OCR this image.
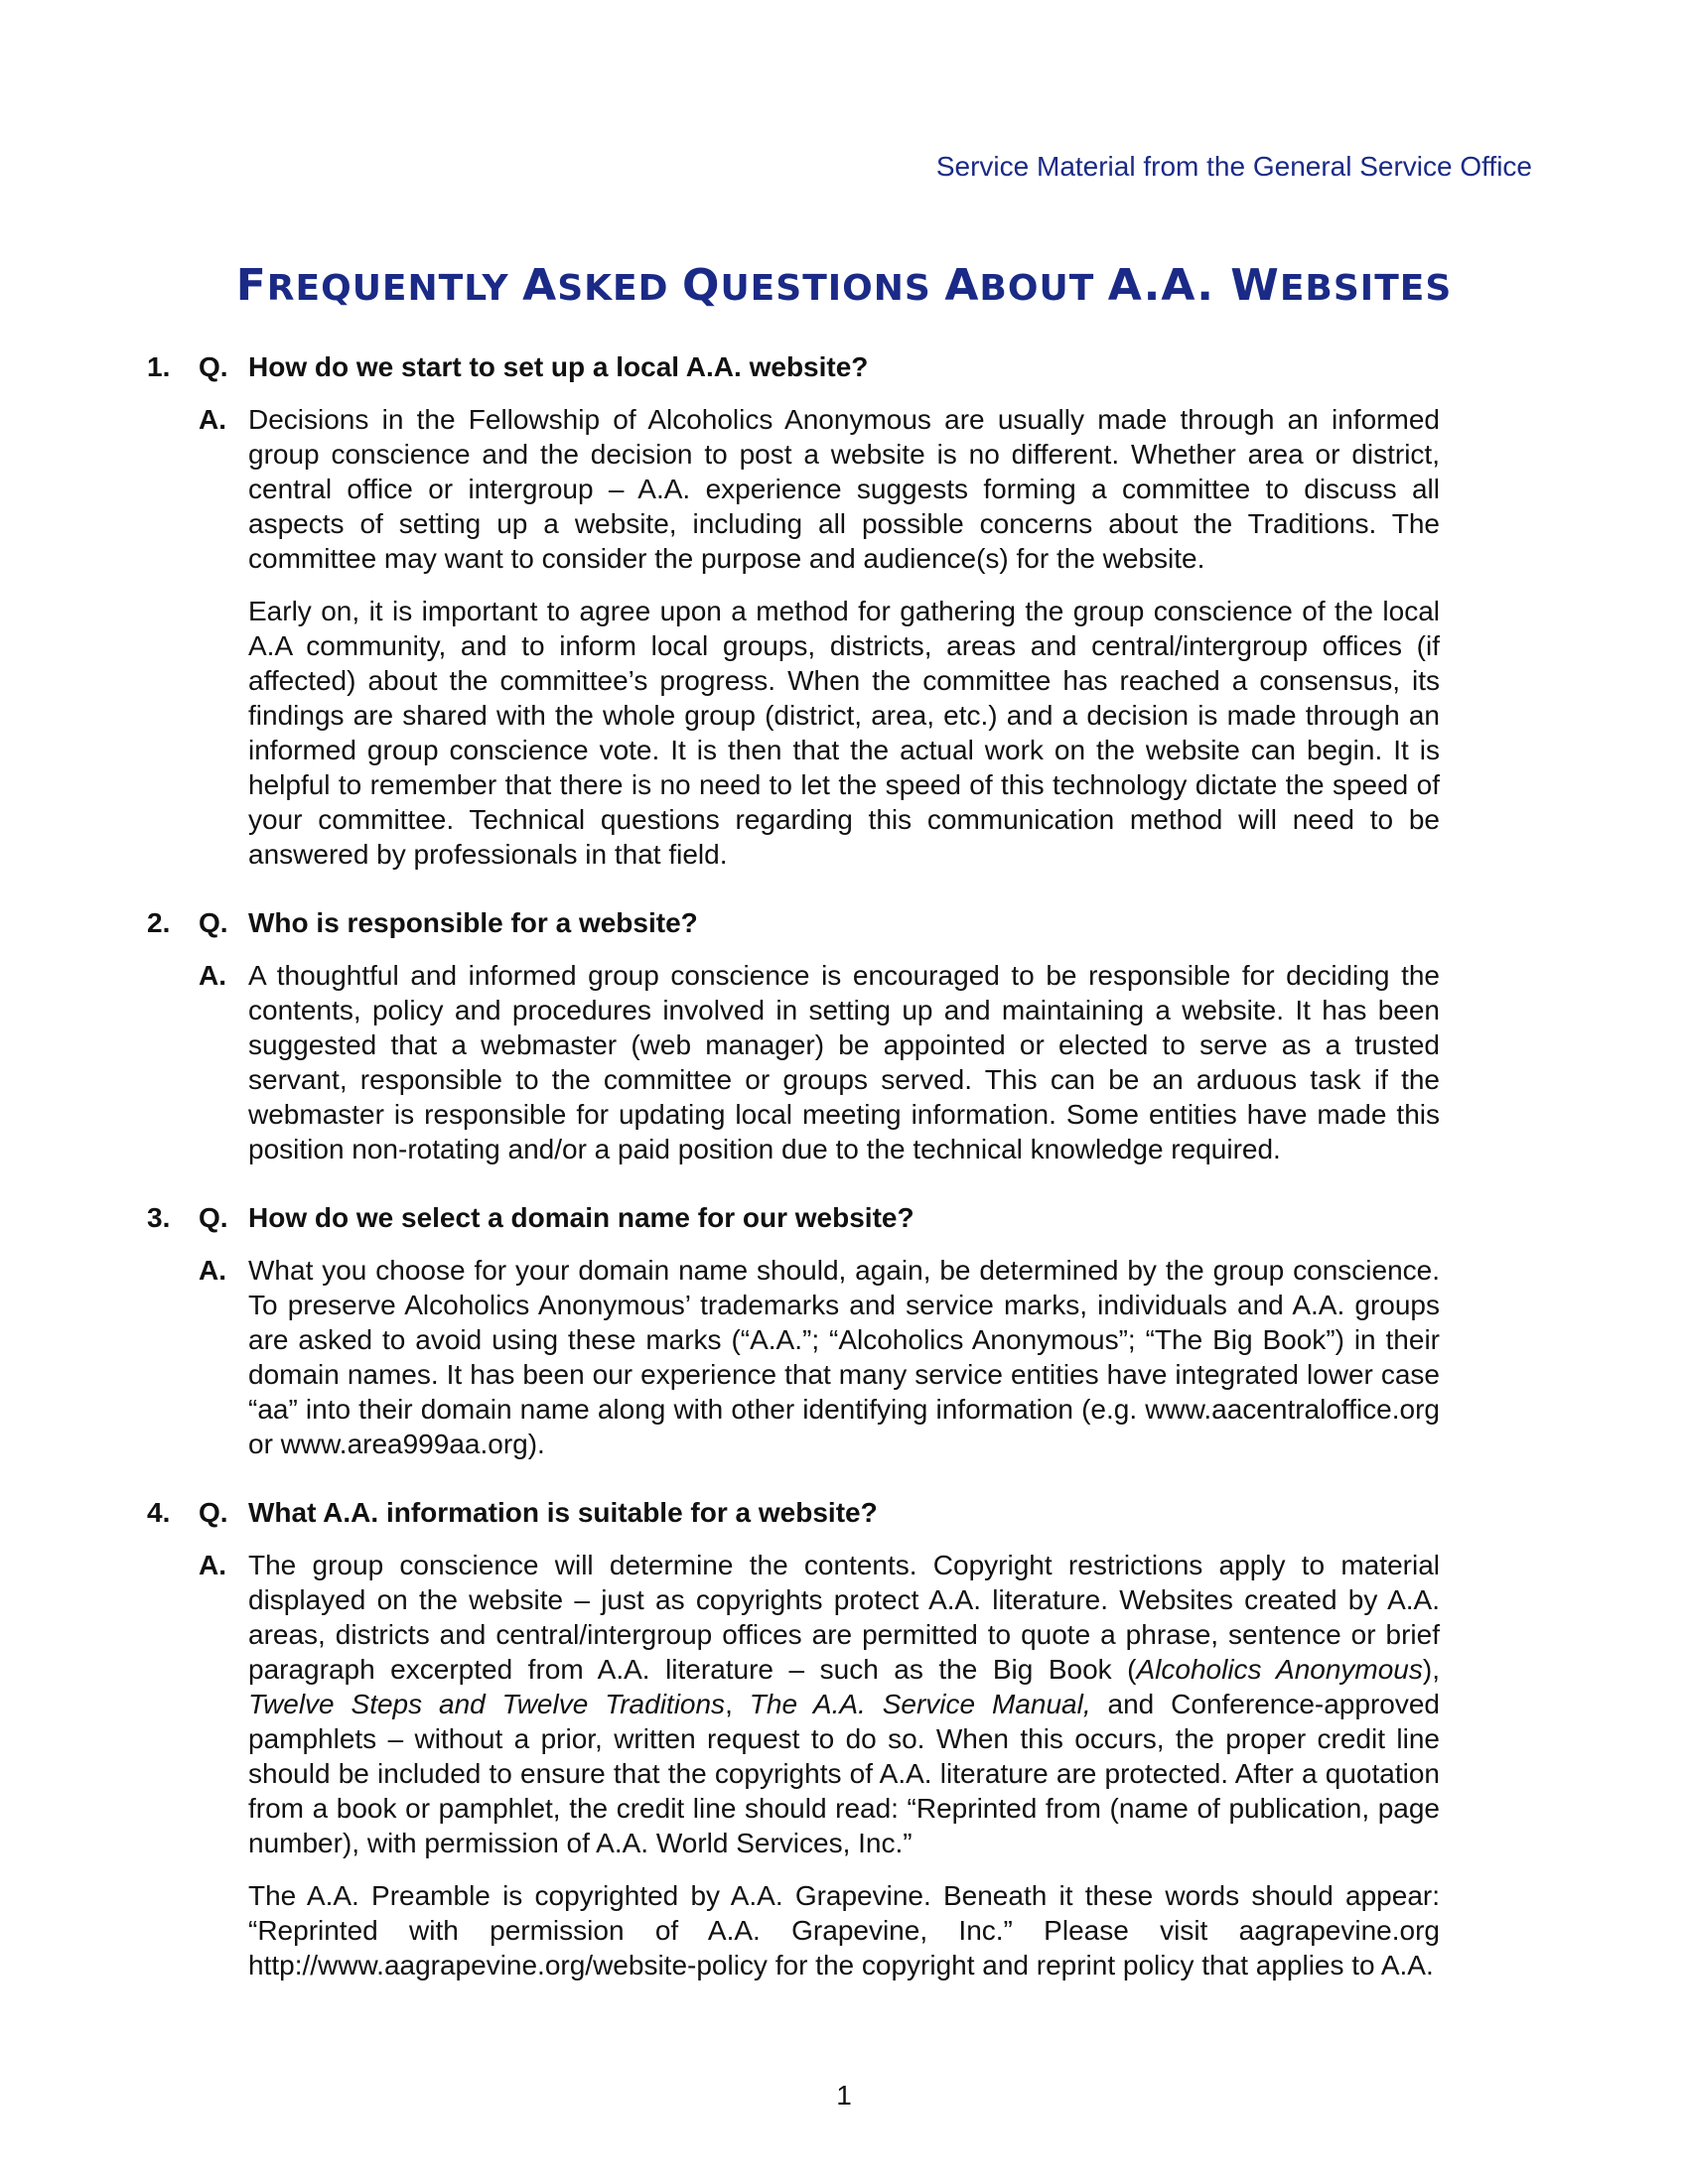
Service Material from the General Service Office
FREQUENTLY ASKED QUESTIONS ABOUT A.A. WEBSITES
1.	Q. How do we start to set up a local A.A. website?
A. Decisions in the Fellowship of Alcoholics Anonymous are usually made through an informed group conscience and the decision to post a website is no different. Whether area or district, central office or intergroup – A.A. experience suggests forming a committee to discuss all aspects of setting up a website, including all possible concerns about the Traditions. The committee may want to consider the purpose and audience(s) for the website.

Early on, it is important to agree upon a method for gathering the group conscience of the local A.A community, and to inform local groups, districts, areas and central/intergroup offices (if affected) about the committee’s progress. When the committee has reached a consensus, its findings are shared with the whole group (district, area, etc.) and a decision is made through an informed group conscience vote. It is then that the actual work on the website can begin. It is helpful to remember that there is no need to let the speed of this technology dictate the speed of your committee. Technical questions regarding this communication method will need to be answered by professionals in that field.

2.	Q. Who is responsible for a website?
A. A thoughtful and informed group conscience is encouraged to be responsible for deciding the contents, policy and procedures involved in setting up and maintaining a website. It has been suggested that a webmaster (web manager) be appointed or elected to serve as a trusted servant, responsible to the committee or groups served. This can be an arduous task if the webmaster is responsible for updating local meeting information. Some entities have made this position non-rotating and/or a paid position due to the technical knowledge required.

3.	Q. How do we select a domain name for our website?
A. What you choose for your domain name should, again, be determined by the group conscience. To preserve Alcoholics Anonymous’ trademarks and service marks, individuals and A.A. groups are asked to avoid using these marks (“A.A.”; “Alcoholics Anonymous”; “The Big Book”) in their domain names. It has been our experience that many service entities have integrated lower case “aa” into their domain name along with other identifying information (e.g. www.aacentraloffice.org or www.area999aa.org).

4.	Q. What A.A. information is suitable for a website?
A. The group conscience will determine the contents. Copyright restrictions apply to material displayed on the website – just as copyrights protect A.A. literature. Websites created by A.A. areas, districts and central/intergroup offices are permitted to quote a phrase, sentence or brief paragraph excerpted from A.A. literature – such as the Big Book (Alcoholics Anonymous), Twelve Steps and Twelve Traditions, The A.A. Service Manual, and Conference-approved pamphlets – without a prior, written request to do so. When this occurs, the proper credit line should be included to ensure that the copyrights of A.A. literature are protected. After a quotation from a book or pamphlet, the credit line should read: “Reprinted from (name of publication, page number), with permission of A.A. World Services, Inc.”

The A.A. Preamble is copyrighted by A.A. Grapevine. Beneath it these words should appear: “Reprinted with permission of A.A. Grapevine, Inc.” Please visit aagrapevine.org http://www.aagrapevine.org/website-policy for the copyright and reprint policy that applies to A.A.

1
